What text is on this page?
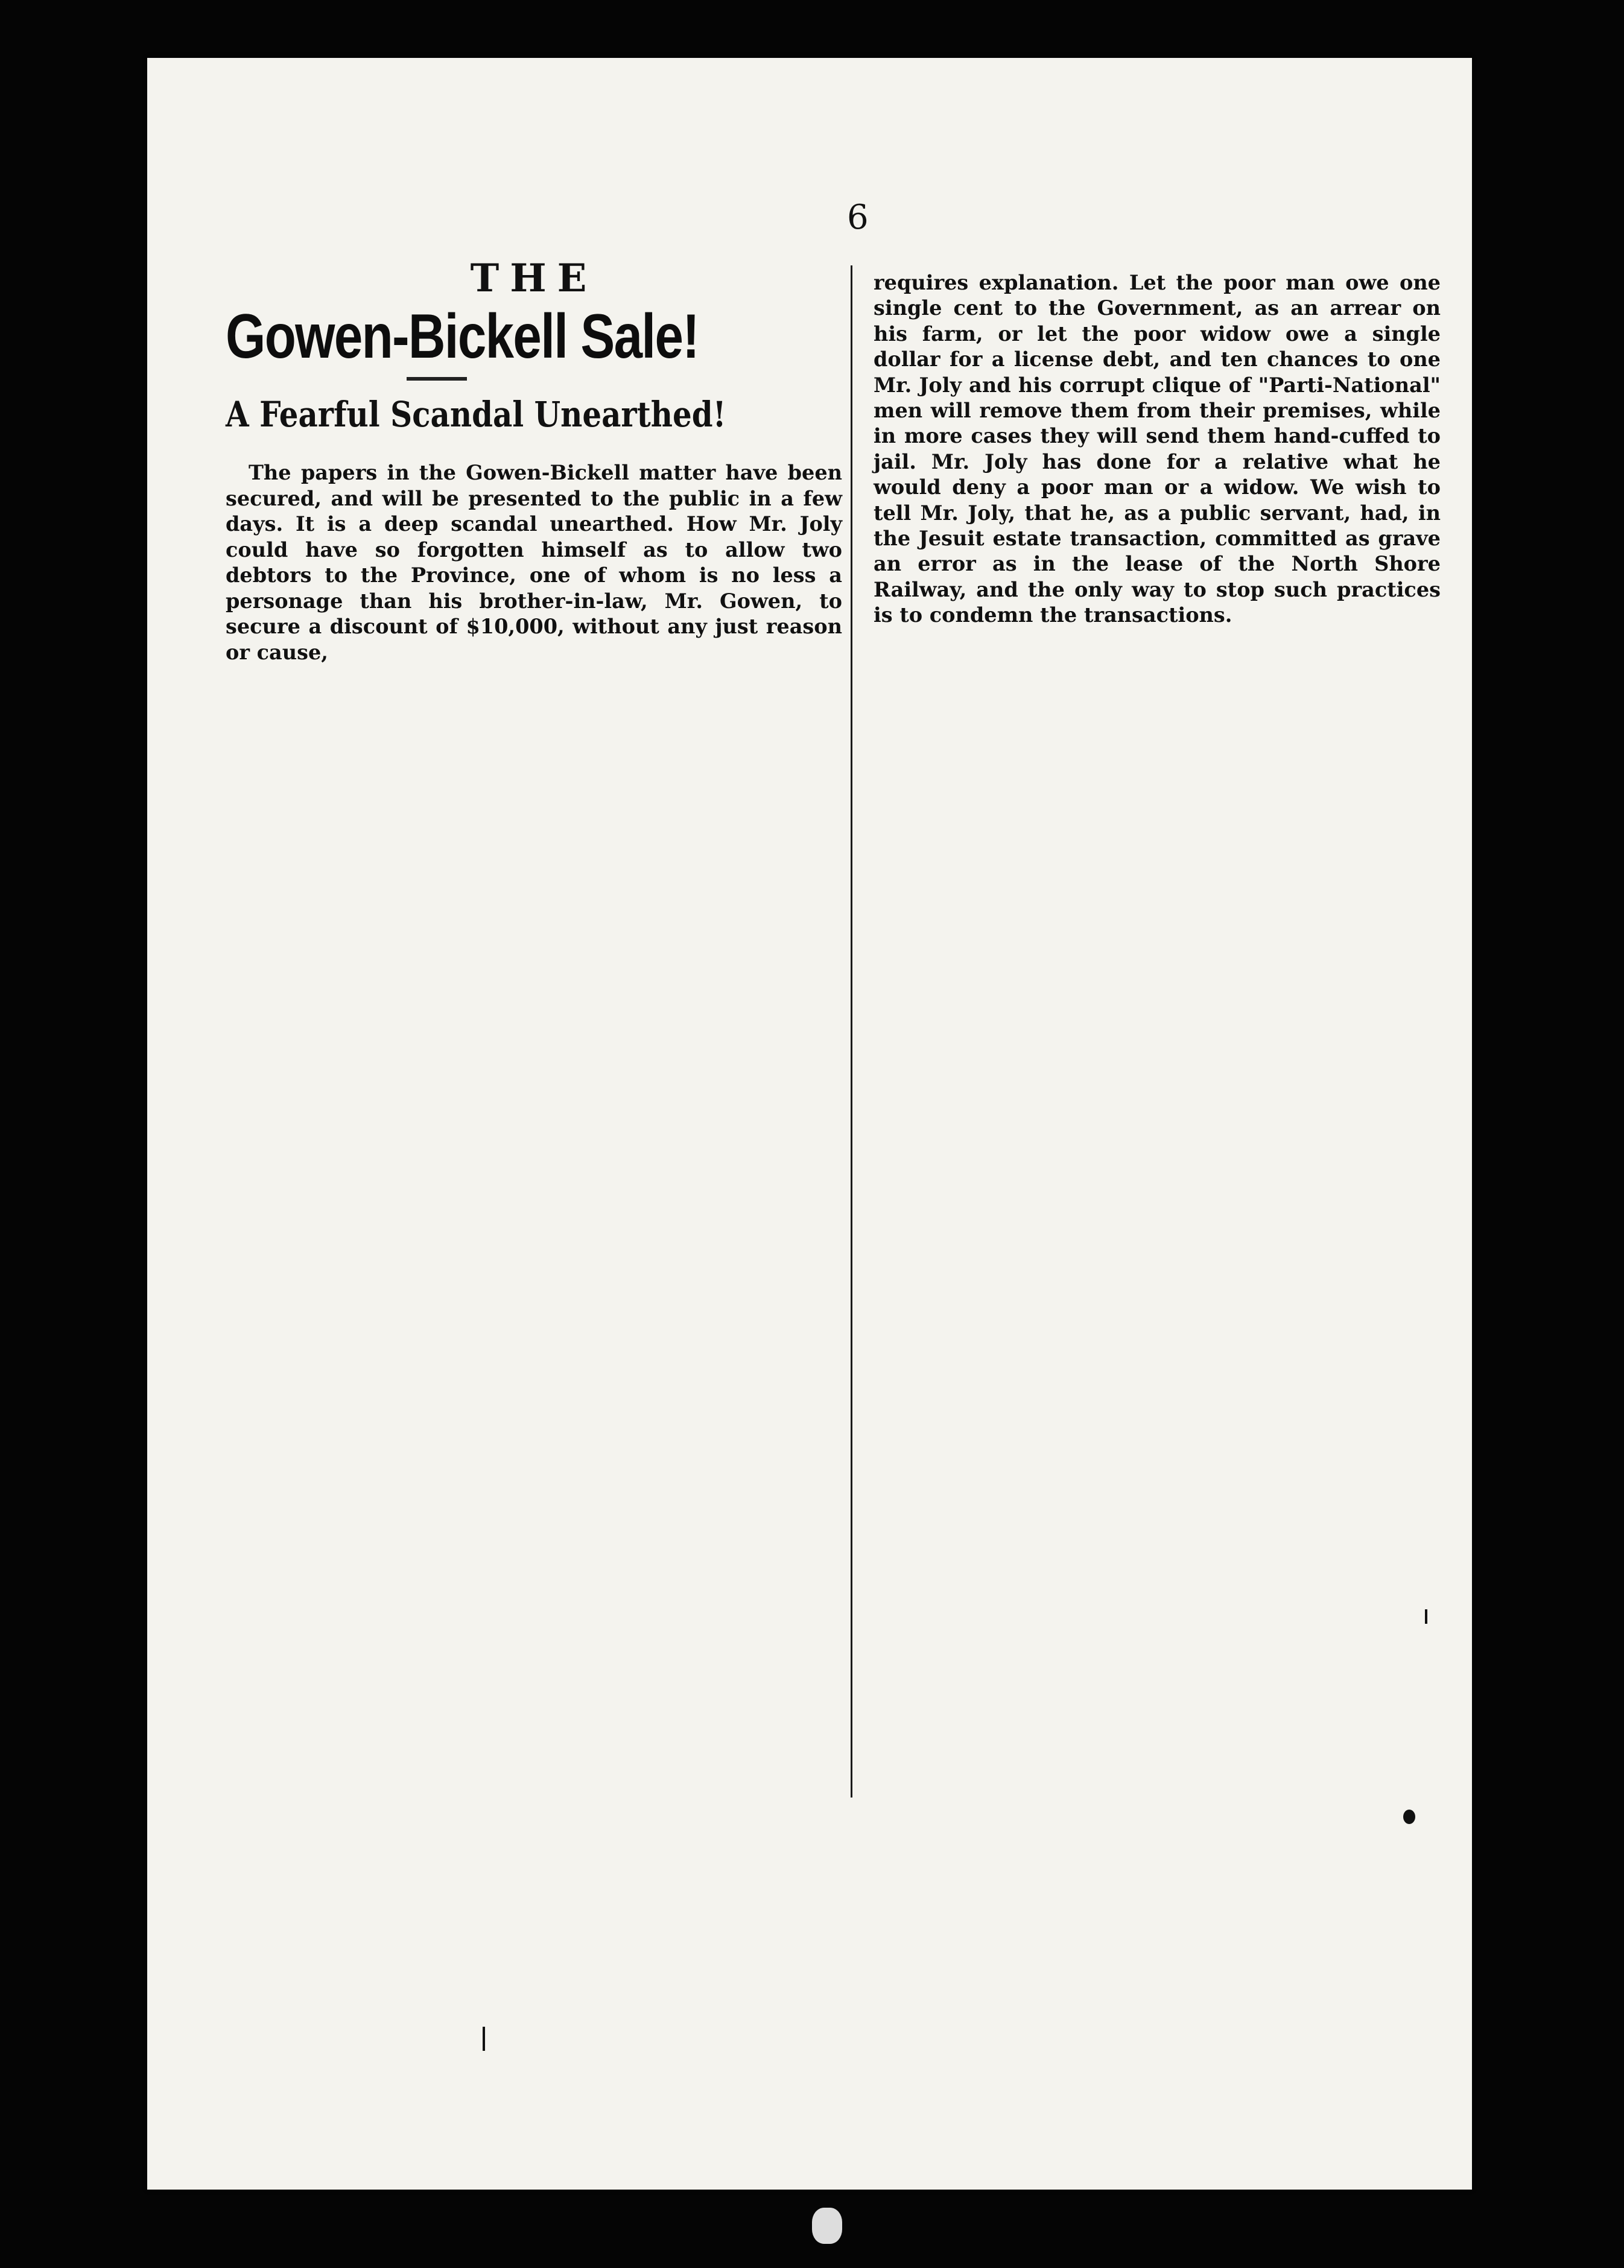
6
THE
Gowen-Bickell Sale!
A Fearful Scandal Unearthed!

The papers in the Gowen-Bickell matter have been secured, and will be presented to the public in a few days. It is a deep scandal unearthed. How Mr. Joly could have so forgotten himself as to allow two debtors to the Province, one of whom is no less a personage than his brother-in-law, Mr. Gowen, to secure a discount of $10,000, without any just reason or cause,

requires explanation. Let the poor man owe one single cent to the Government, as an arrear on his farm, or let the poor widow owe a single dollar for a license debt, and ten chances to one Mr. Joly and his corrupt clique of "Parti-National" men will remove them from their premises, while in more cases they will send them hand-cuffed to jail. Mr. Joly has done for a relative what he would deny a poor man or a widow. We wish to tell Mr. Joly, that he, as a public servant, had, in the Jesuit estate transaction, committed as grave an error as in the lease of the North Shore Railway, and the only way to stop such practices is to condemn the transactions.
